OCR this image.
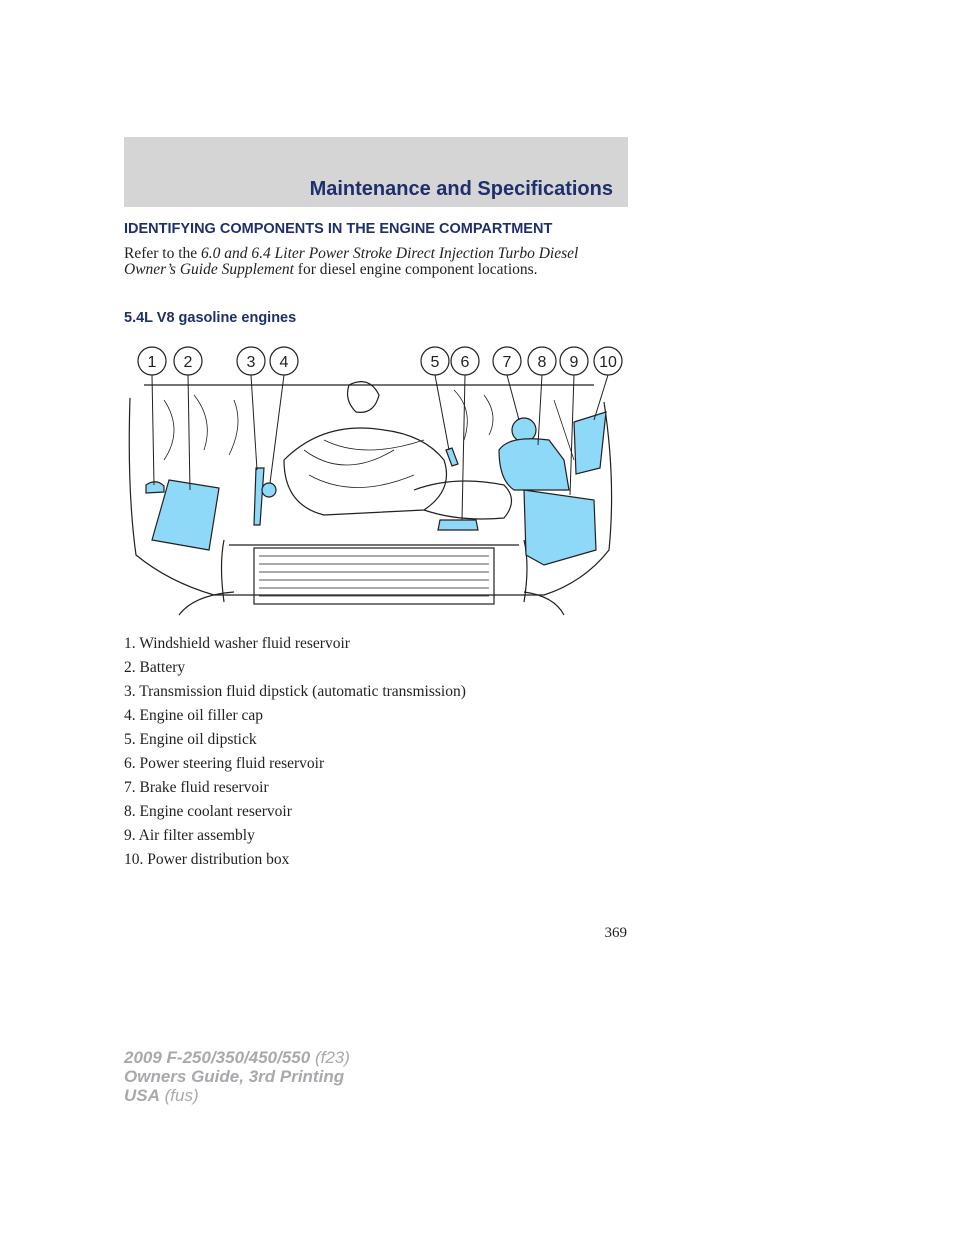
Maintenance and Specifications
IDENTIFYING COMPONENTS IN THE ENGINE COMPARTMENT

Refer to the 6.0 and 6.4 Liter Power Stroke Direct Injection Turbo Diesel Owner’s Guide Supplement for diesel engine component locations.

5.4L V8 gasoline engines
1 2	3 4	5 6 7 8 9 10
1. Windshield washer fluid reservoir
2. Battery
3. Transmission fluid dipstick (automatic transmission)
4. Engine oil filler cap
5. Engine oil dipstick
6. Power steering fluid reservoir
7. Brake fluid reservoir
8. Engine coolant reservoir
9. Air filter assembly
10. Power distribution box
369
2009 F-250/350/450/550 (f23)
Owners Guide, 3rd Printing
USA (fus)
